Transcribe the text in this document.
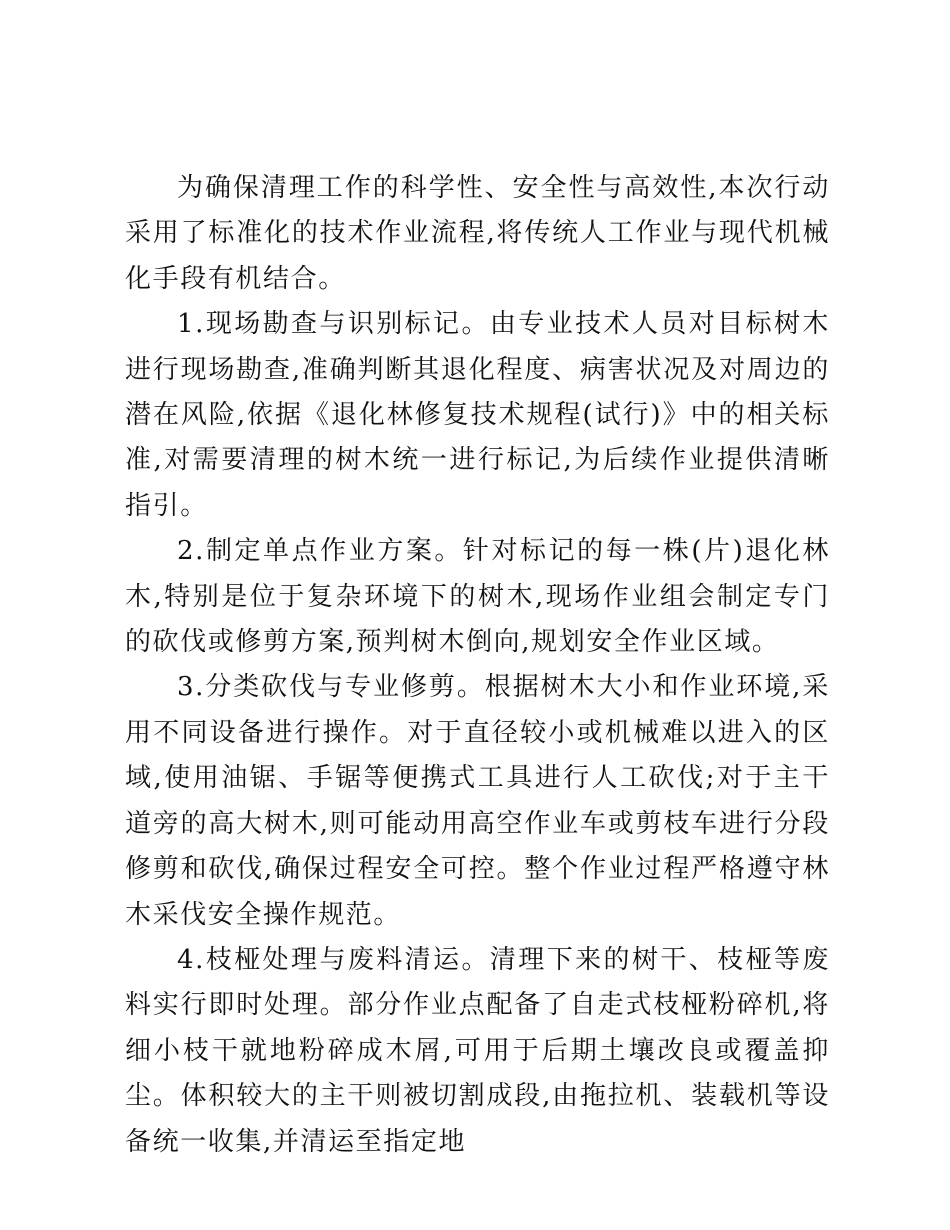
为确保清理工作的科学性、安全性与高效性,本次行动采用了标准化的技术作业流程,将传统人工作业与现代机械化手段有机结合。

1.现场勘查与识别标记。由专业技术人员对目标树木进行现场勘查,准确判断其退化程度、病害状况及对周边的潜在风险,依据《退化林修复技术规程(试行)》中的相关标准,对需要清理的树木统一进行标记,为后续作业提供清晰指引。

2.制定单点作业方案。针对标记的每一株(片)退化林木,特别是位于复杂环境下的树木,现场作业组会制定专门的砍伐或修剪方案,预判树木倒向,规划安全作业区域。

3.分类砍伐与专业修剪。根据树木大小和作业环境,采用不同设备进行操作。对于直径较小或机械难以进入的区域,使用油锯、手锯等便携式工具进行人工砍伐;对于主干道旁的高大树木,则可能动用高空作业车或剪枝车进行分段修剪和砍伐,确保过程安全可控。整个作业过程严格遵守林木采伐安全操作规范。

4.枝桠处理与废料清运。清理下来的树干、枝桠等废料实行即时处理。部分作业点配备了自走式枝桠粉碎机,将细小枝干就地粉碎成木屑,可用于后期土壤改良或覆盖抑尘。体积较大的主干则被切割成段,由拖拉机、装载机等设备统一收集,并清运至指定地
